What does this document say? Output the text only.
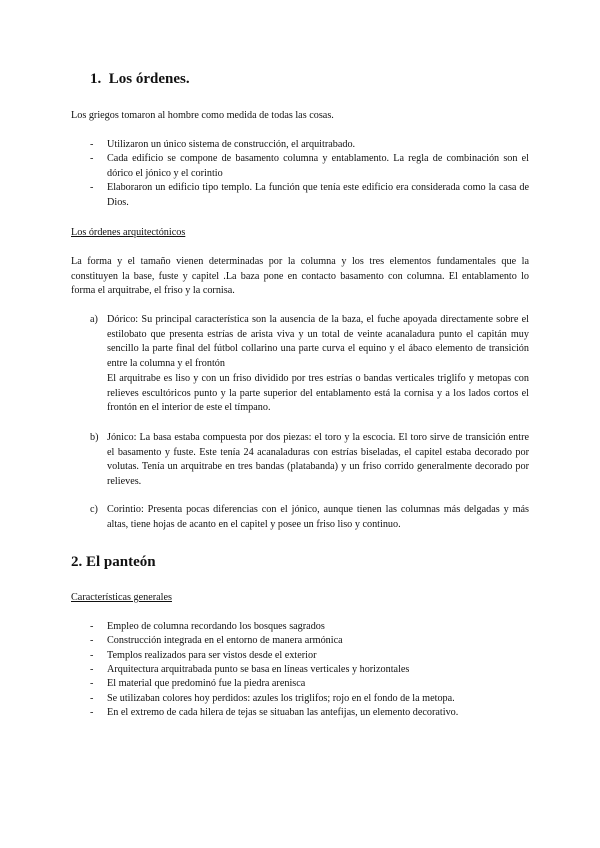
1. Los órdenes.
Los griegos tomaron al hombre como medida de todas las cosas.
- Utilizaron un único sistema de construcción, el arquitrabado.
- Cada edificio se compone de basamento columna y entablamento. La regla de combinación son el dórico el jónico y el corintio
- Elaboraron un edificio tipo templo. La función que tenía este edificio era considerada como la casa de Dios.
Los órdenes arquitectónicos
La forma y el tamaño vienen determinadas por la columna y los tres elementos fundamentales que la constituyen la base, fuste y capitel .La baza pone en contacto basamento con columna. El entablamento lo forma el arquitrabe, el friso y la cornisa.
a) Dórico: Su principal característica son la ausencia de la baza, el fuche apoyada directamente sobre el estilobato que presenta estrías de arista viva y un total de veinte acanaladura punto el capitán muy sencillo la parte final del fútbol collarino una parte curva el equino y el ábaco elemento de transición entre la columna y el frontón
El arquitrabe es liso y con un friso dividido por tres estrías o bandas verticales triglifo y metopas con relieves escultóricos punto y la parte superior del entablamento está la cornisa y a los lados cortos el frontón en el interior de este el tímpano.
b) Jónico: La basa estaba compuesta por dos piezas: el toro y la escocia. El toro sirve de transición entre el basamento y fuste. Este tenía 24 acanaladuras con estrías biseladas, el capitel estaba decorado por volutas. Tenía un arquitrabe en tres bandas (platabanda) y un friso corrido generalmente decorado por relieves.
c) Corintio: Presenta pocas diferencias con el jónico, aunque tienen las columnas más delgadas y más altas, tiene hojas de acanto en el capitel y posee un friso liso y continuo.
2. El panteón
Características generales
- Empleo de columna recordando los bosques sagrados
- Construcción integrada en el entorno de manera armónica
- Templos realizados para ser vistos desde el exterior
- Arquitectura arquitrabada punto se basa en líneas verticales y horizontales
- El material que predominó fue la piedra arenisca
- Se utilizaban colores hoy perdidos: azules los triglifos; rojo en el fondo de la metopa.
- En el extremo de cada hilera de tejas se situaban las antefijas, un elemento decorativo.
